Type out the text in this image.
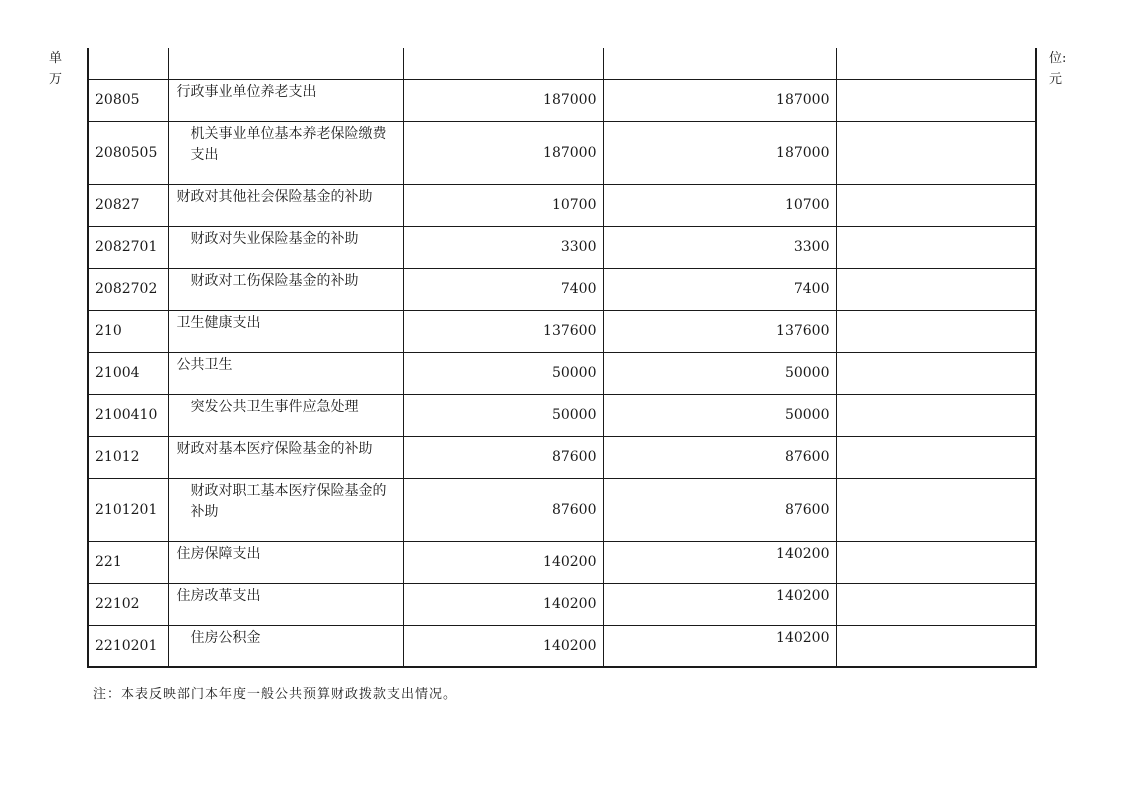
单
万
位:
元

20805	行政事业单位养老支出	187000	187000	
2080505	机关事业单位基本养老保险缴费支出	187000	187000	
20827	财政对其他社会保险基金的补助	10700	10700	
2082701	财政对失业保险基金的补助	3300	3300	
2082702	财政对工伤保险基金的补助	7400	7400	
210	卫生健康支出	137600	137600	
21004	公共卫生	50000	50000	
2100410	突发公共卫生事件应急处理	50000	50000	
21012	财政对基本医疗保险基金的补助	87600	87600	
2101201	财政对职工基本医疗保险基金的补助	87600	87600	
221	住房保障支出	140200	140200	
22102	住房改革支出	140200	140200	
2210201	住房公积金	140200	140200	
注：本表反映部门本年度一般公共预算财政拨款支出情况。
